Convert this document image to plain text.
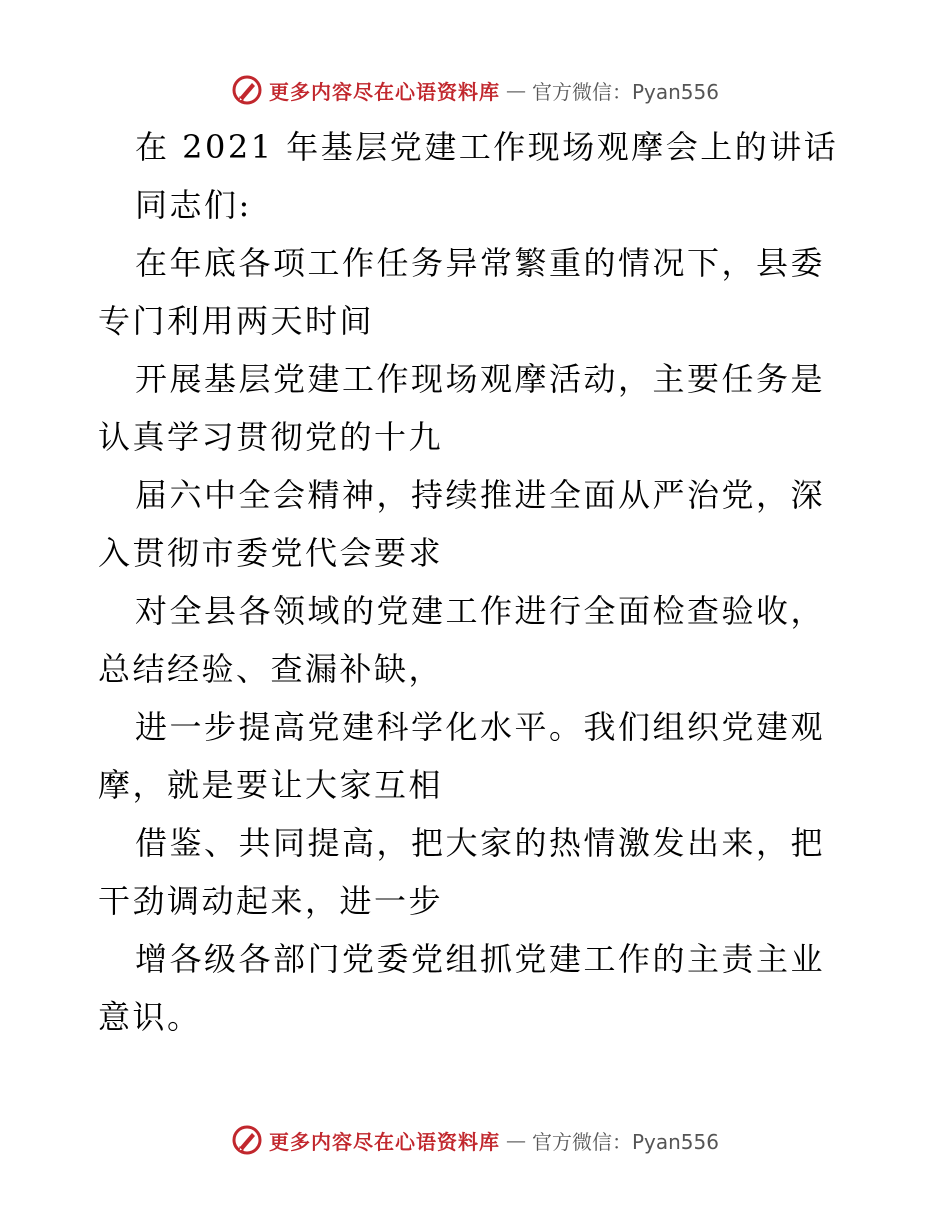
更多内容尽在心语资料库 — 官方微信：Pyan556

在 2021 年基层党建工作现场观摩会上的讲话

同志们:

在年底各项工作任务异常繁重的情况下，县委专门利用两天时间

开展基层党建工作现场观摩活动，主要任务是认真学习贯彻党的十九

届六中全会精神，持续推进全面从严治党，深入贯彻市委党代会要求

对全县各领域的党建工作进行全面检查验收，总结经验、查漏补缺，

进一步提高党建科学化水平。我们组织党建观摩，就是要让大家互相

借鉴、共同提高，把大家的热情激发出来，把干劲调动起来，进一步

增各级各部门党委党组抓党建工作的主责主业意识。

更多内容尽在心语资料库 — 官方微信：Pyan556
